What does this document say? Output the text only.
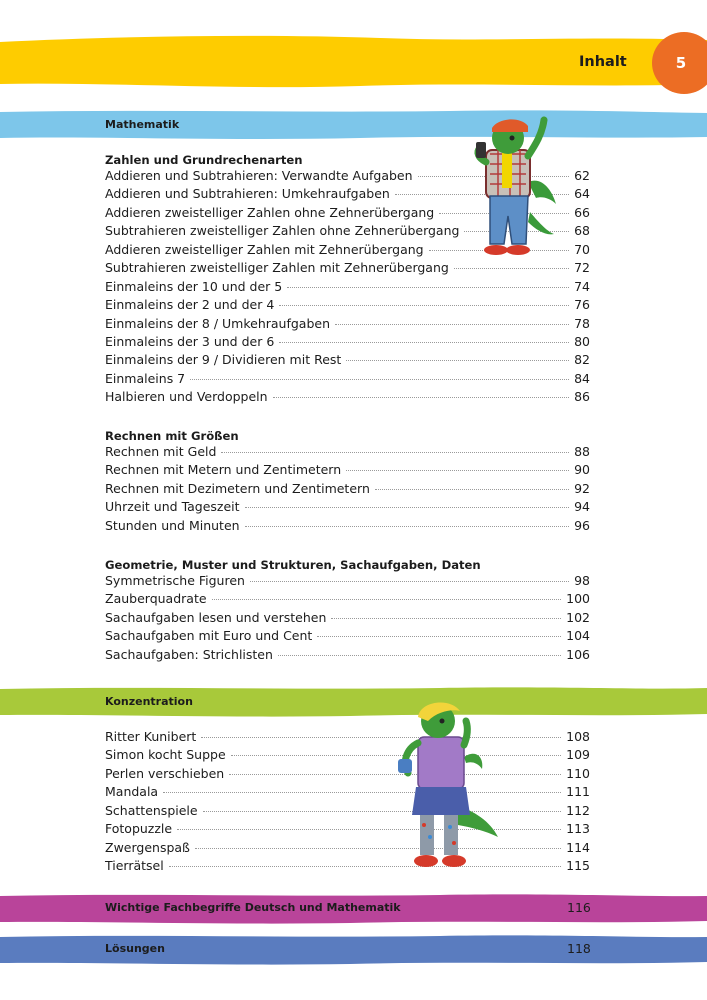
Inhalt	5
Mathematik
Zahlen und Grundrechenarten
Addieren und Subtrahieren: Verwandte Aufgaben	62
Addieren und Subtrahieren: Umkehraufgaben	64
Addieren zweistelliger Zahlen ohne Zehnerübergang	66
Subtrahieren zweistelliger Zahlen ohne Zehnerübergang	68
Addieren zweistelliger Zahlen mit Zehnerübergang	70
Subtrahieren zweistelliger Zahlen mit Zehnerübergang	72
Einmaleins der 10 und der 5	74
Einmaleins der 2 und der 4	76
Einmaleins der 8 / Umkehraufgaben	78
Einmaleins der 3 und der 6	80
Einmaleins der 9 / Dividieren mit Rest	82
Einmaleins 7	84
Halbieren und Verdoppeln	86
Rechnen mit Größen
Rechnen mit Geld	88
Rechnen mit Metern und Zentimetern	90
Rechnen mit Dezimetern und Zentimetern	92
Uhrzeit und Tageszeit	94
Stunden und Minuten	96
Geometrie, Muster und Strukturen, Sachaufgaben, Daten
Symmetrische Figuren	98
Zauberquadrate	100
Sachaufgaben lesen und verstehen	102
Sachaufgaben mit Euro und Cent	104
Sachaufgaben: Strichlisten	106
Konzentration
Ritter Kunibert	108
Simon kocht Suppe	109
Perlen verschieben	110
Mandala	111
Schattenspiele	112
Fotopuzzle	113
Zwergenspaß	114
Tierrätsel	115
Wichtige Fachbegriffe Deutsch und Mathematik	116
Lösungen	118
